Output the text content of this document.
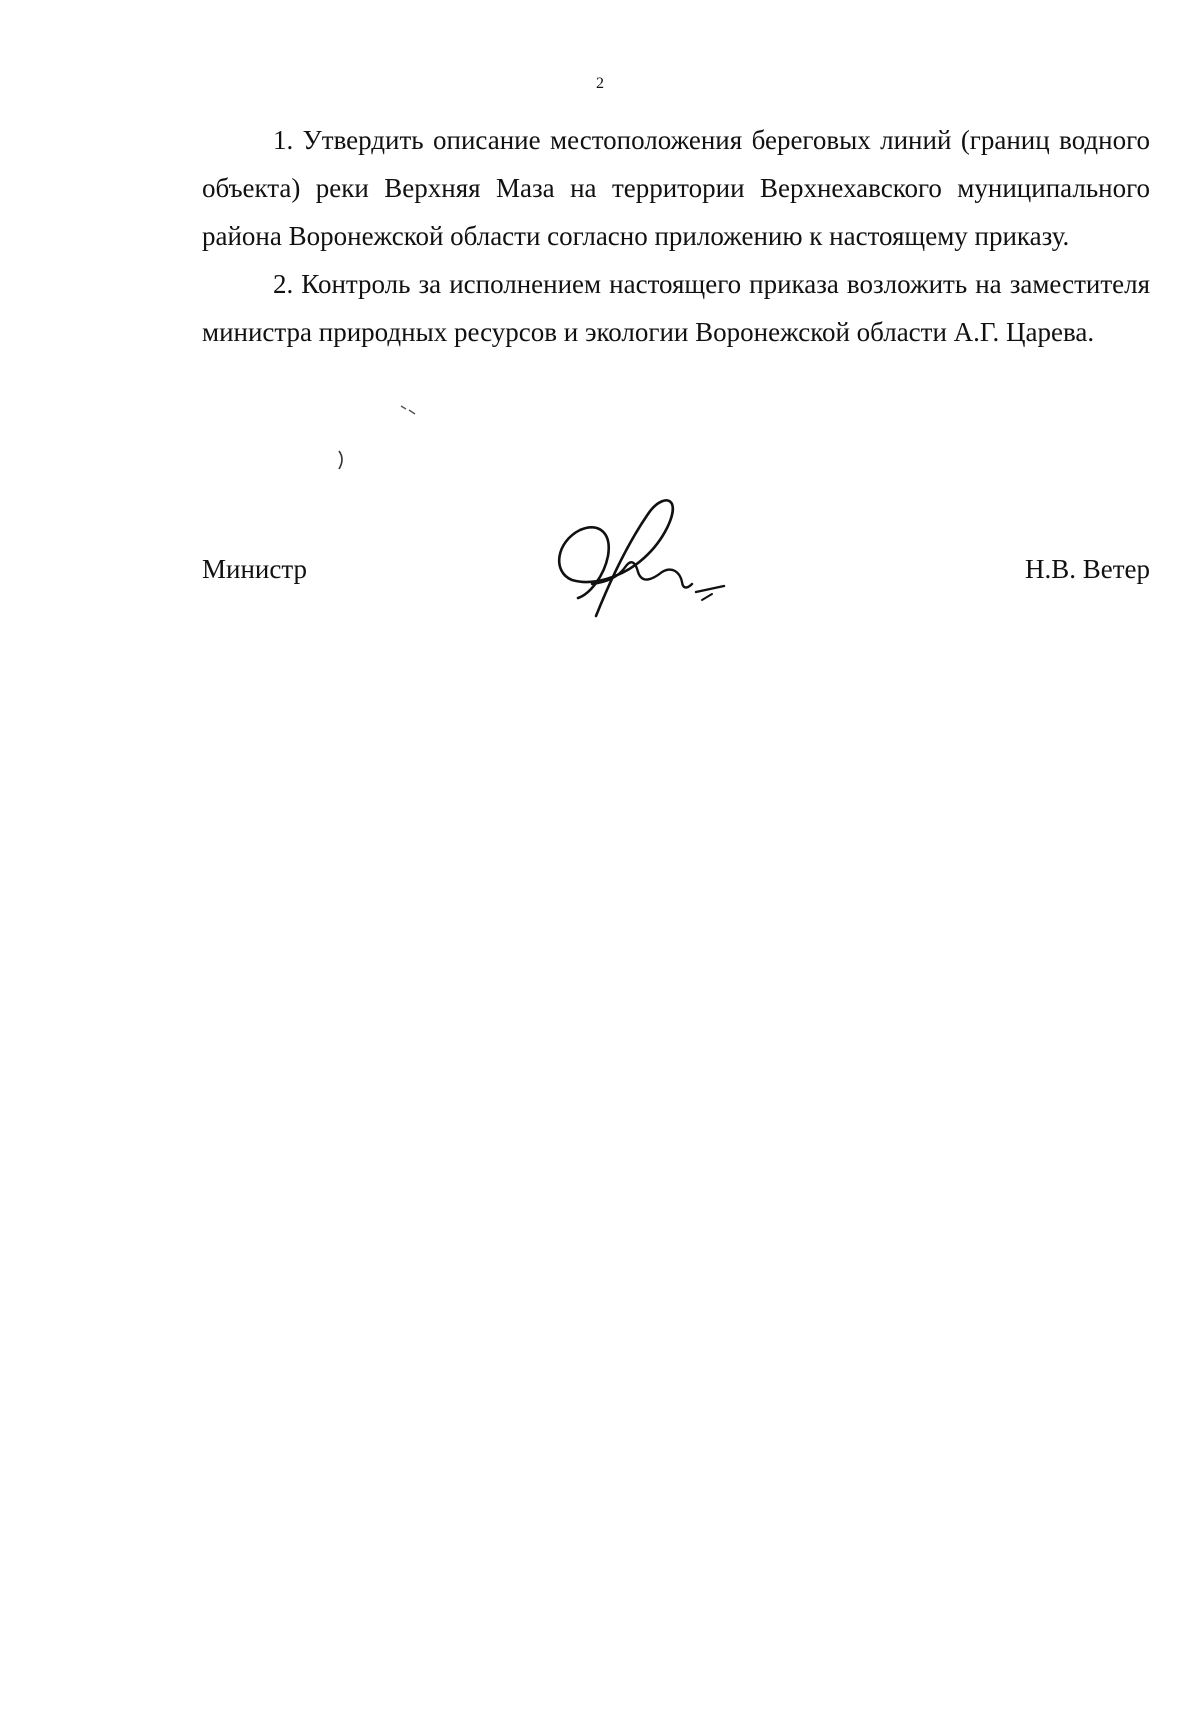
2

1. Утвердить описание местоположения береговых линий (границ водного объекта) реки Верхняя Маза на территории Верхнехавского муниципального района Воронежской области согласно приложению к настоящему приказу.

2. Контроль за исполнением настоящего приказа возложить на заместителя министра природных ресурсов и экологии Воронежской области А.Г. Царева.

Министр	Н.В. Ветер
